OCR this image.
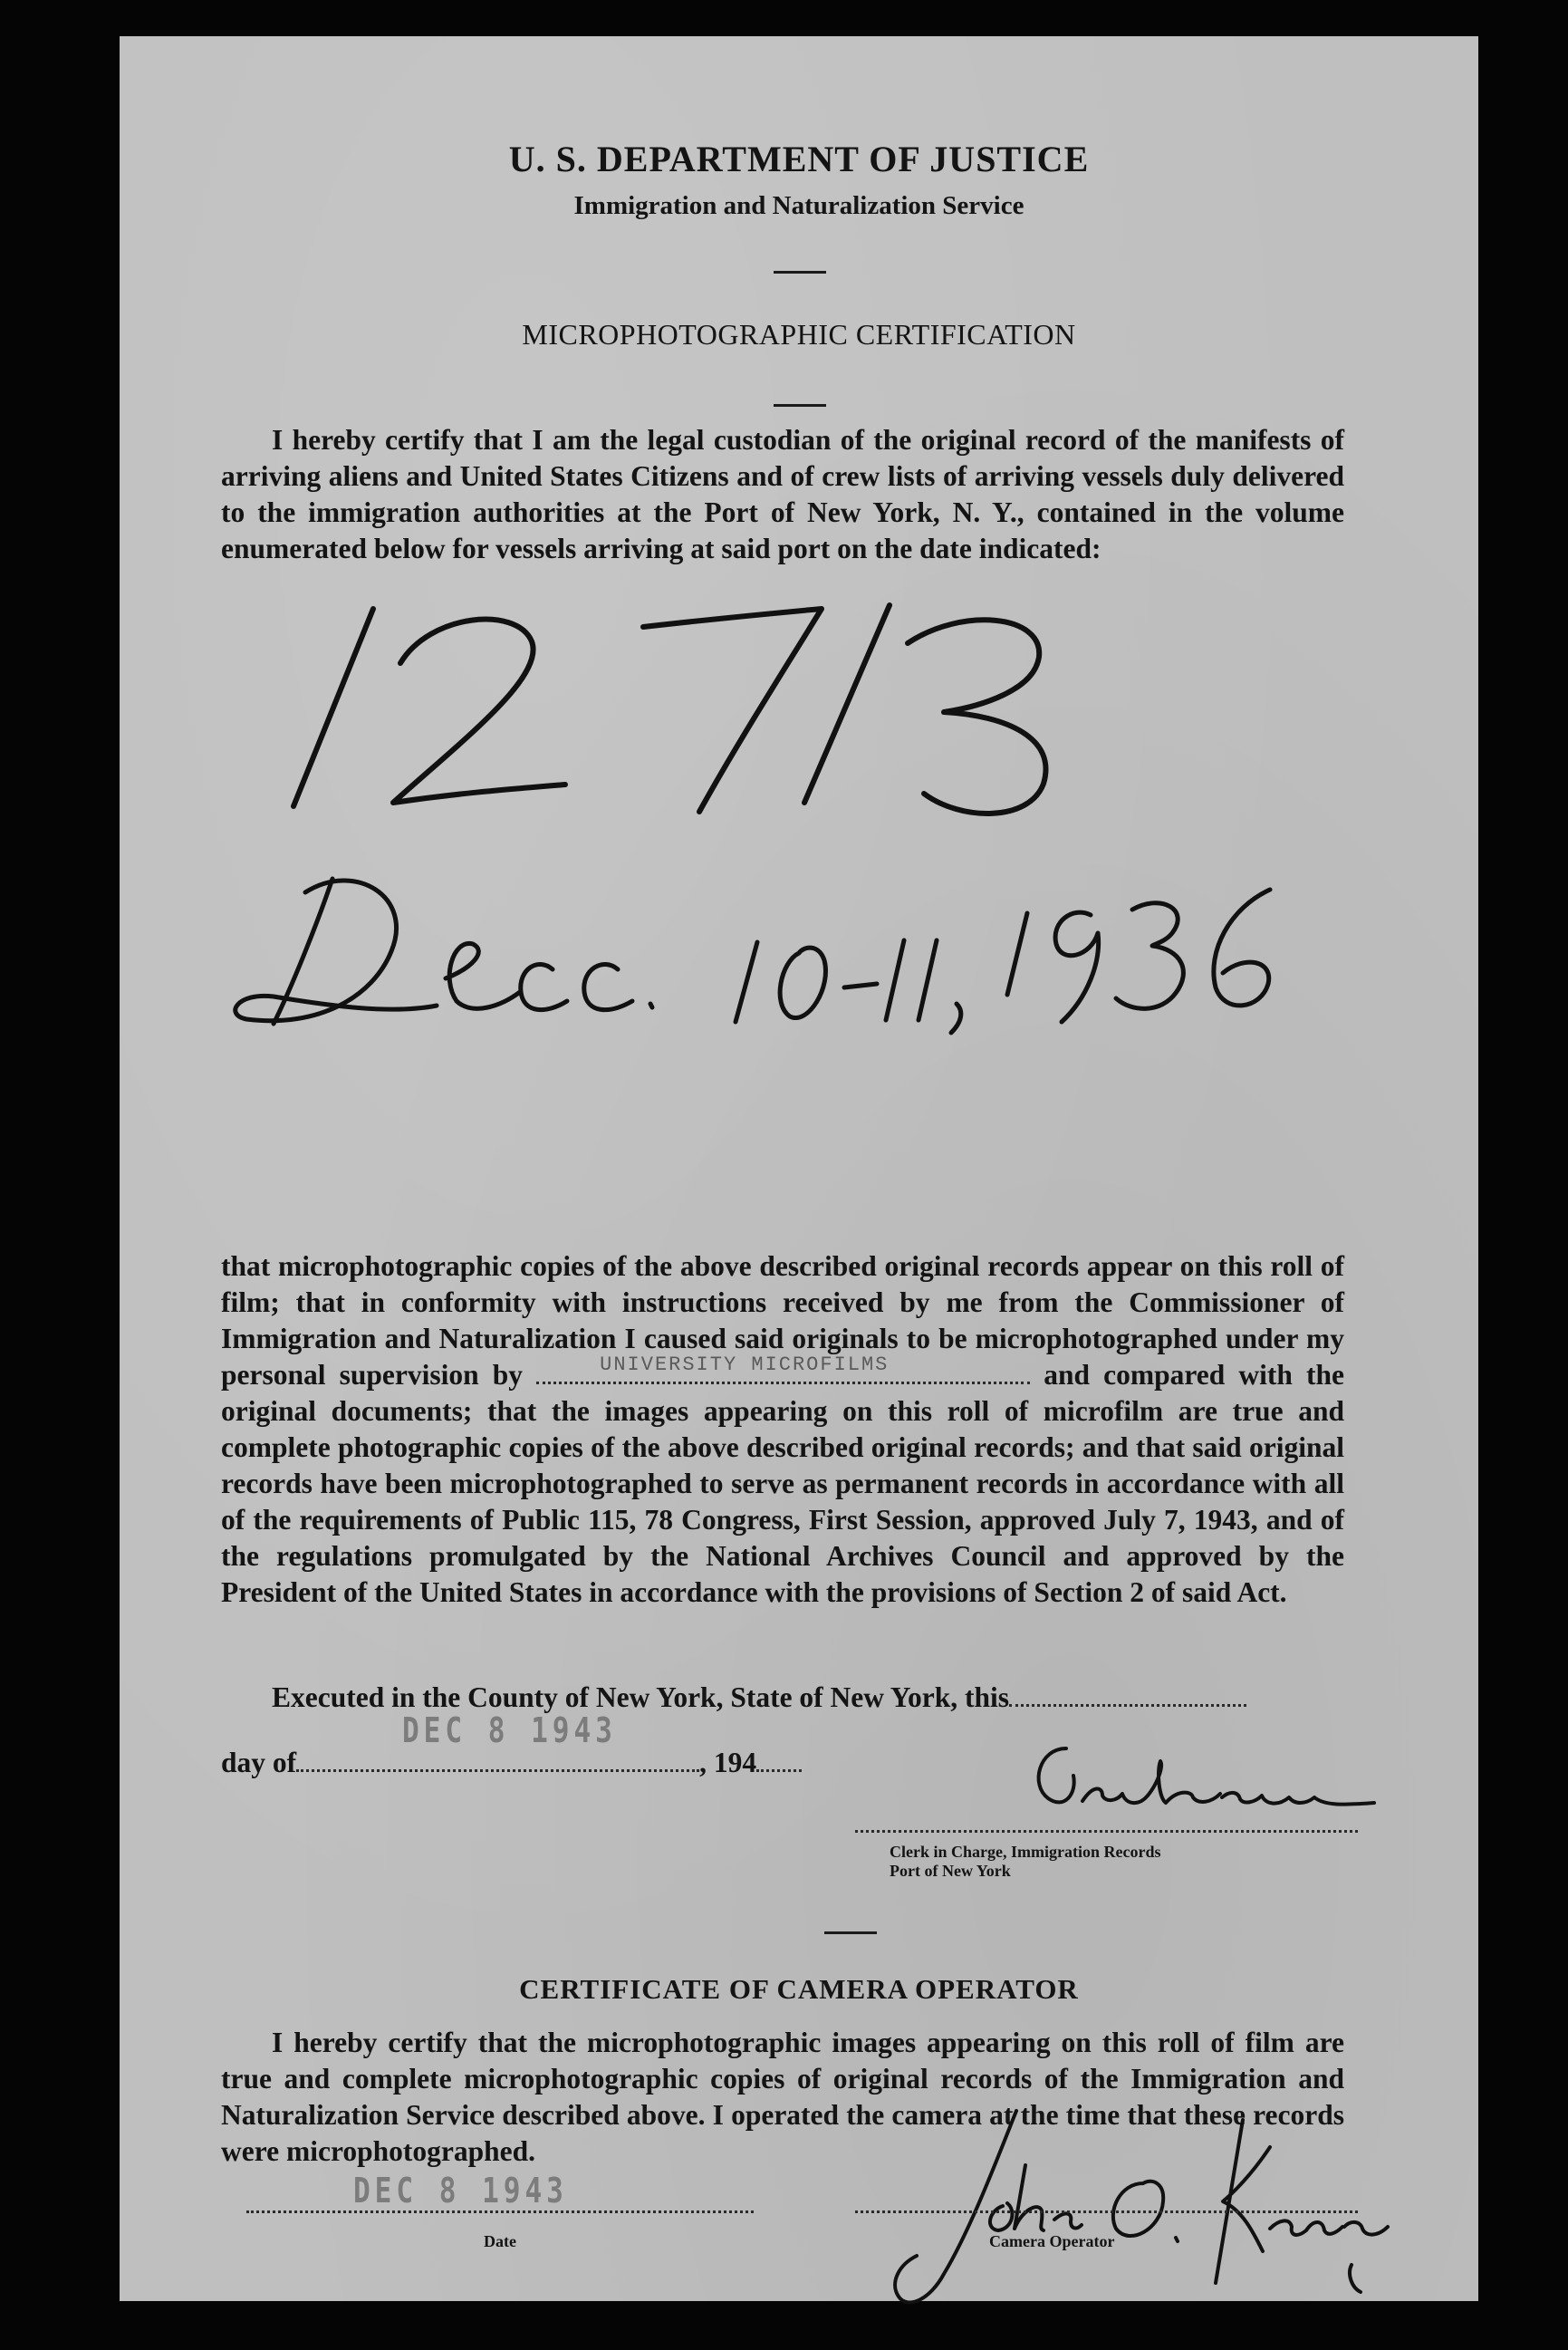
U. S. DEPARTMENT OF JUSTICE
Immigration and Naturalization Service
MICROPHOTOGRAPHIC CERTIFICATION

I hereby certify that I am the legal custodian of the original record of the manifests of arriving aliens and United States Citizens and of crew lists of arriving vessels duly delivered to the immigration authorities at the Port of New York, N. Y., contained in the volume enumerated below for vessels arriving at said port on the date indicated:

that microphotographic copies of the above described original records appear on this roll of film; that in conformity with instructions received by me from the Commissioner of Immigration and Naturalization I caused said originals to be microphotographed under my personal supervision by	UNIVERSITY MICROFILMS	and compared with the original documents; that the images appearing on this roll of microfilm are true and complete photographic copies of the above described original records; and that said original records have been microphotographed to serve as permanent records in accordance with all of the requirements of Public 115, 78 Congress, First Session, approved July 7, 1943, and of the regulations promulgated by the National Archives Council and approved by the President of the United States in accordance with the provisions of Section 2 of said Act.

Executed in the County of New York, State of New York, this
day of	, 194
DEC 8 1943
Clerk in Charge, Immigration Records
Port of New York
CERTIFICATE OF CAMERA OPERATOR

I hereby certify that the microphotographic images appearing on this roll of film are true and complete microphotographic copies of original records of the Immigration and Naturalization Service described above. I operated the camera at the time that these records were microphotographed.

DEC 8 1943
Date	Camera Operator
